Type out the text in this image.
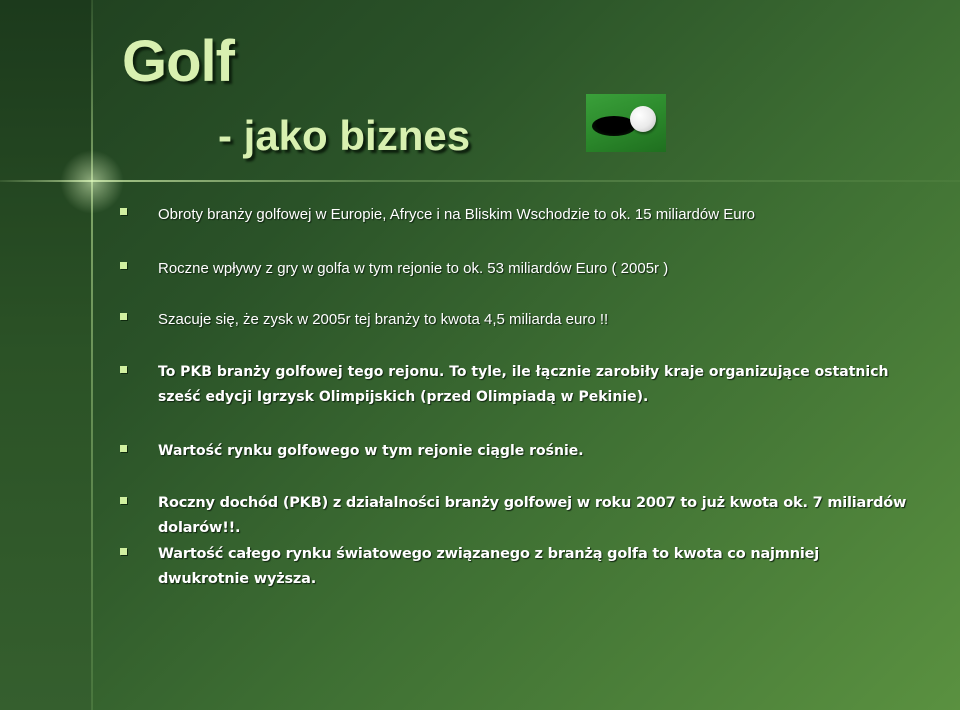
Golf
- jako biznes
Obroty branży golfowej w Europie, Afryce i na Bliskim Wschodzie to ok. 15 miliardów Euro
Roczne wpływy z gry w golfa w tym rejonie to ok. 53 miliardów Euro ( 2005r )
Szacuje się, że zysk w 2005r tej branży to kwota 4,5 miliarda euro !!
To PKB branży golfowej tego rejonu. To tyle, ile łącznie zarobiły kraje organizujące ostatnich sześć edycji Igrzysk Olimpijskich (przed Olimpiadą w Pekinie).
Wartość rynku golfowego w tym rejonie ciągle rośnie.
Roczny dochód (PKB) z działalności branży golfowej w roku 2007 to już kwota ok. 7 miliardów dolarów!!.
Wartość całego rynku światowego związanego z branżą golfa to kwota co najmniej dwukrotnie wyższa.
